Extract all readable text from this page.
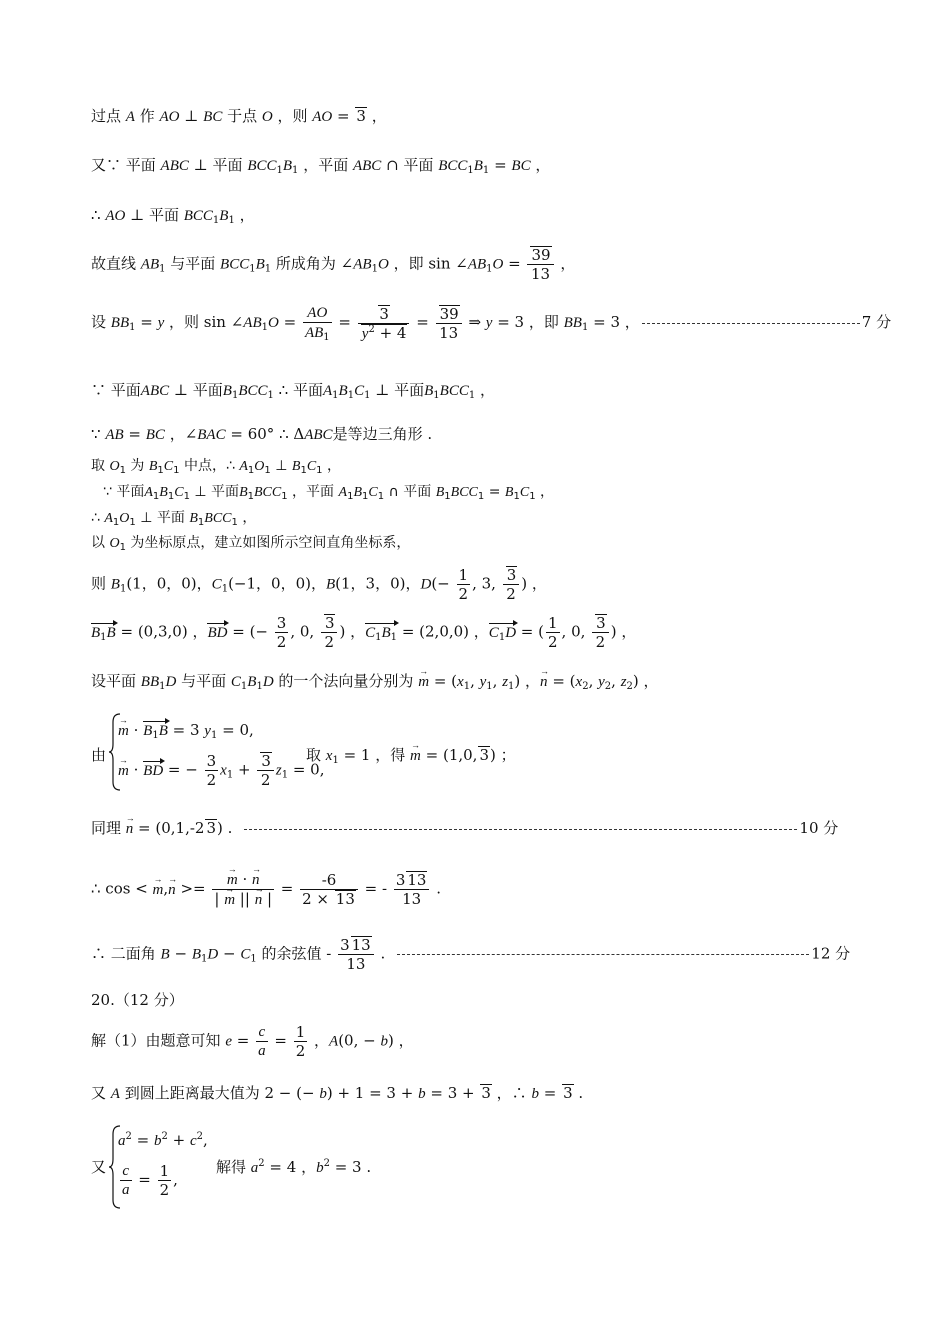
过点 A 作 AO ⊥ BC 于点 O ，则 AO = 3 ，
又∵ 平面 ABC ⊥ 平面 $BCC_1B_1$ ，平面 ABC ∩ 平面 $BCC_1B_1$ = BC ，
∴ AO ⊥ 平面 $BCC_1B_1$ ，
故直线 $AB_1$ 与平面 $BCC_1B_1$ 所成角为 $\angle AB_1O$ ，即 $\sin \angle AB_1O = \frac{39}{13}$ ，
设 $BB_1 = y$ ，则 $\sin \angle AB_1O = \frac{AO}{AB_1} = \frac{3}{y^2 + 4} = \frac{39}{13}$ ⇒ y = 3 ，即 $BB_1 = 3$ ，	7 分
∵ 平面ABC ⊥ 平面$B_1BCC_1$ ∴ 平面$A_1B_1C_1$ ⊥ 平面$B_1BCC_1$ ，
∵ AB = BC ，∠BAC = 60° ∴ ΔABC是等边三角形 .
取 $O_1$ 为 $B_1C_1$ 中点，∴ $A_1O_1$ ⊥ $B_1C_1$ ，
∵ 平面$A_1B_1C_1$ ⊥ 平面$B_1BCC_1$ ，平面 $A_1B_1C_1$ ∩ 平面 $B_1BCC_1 = B_1C_1$ ，
∴ $A_1O_1$ ⊥ 平面 $B_1BCC_1$ ，
以 $O_1$ 为坐标原点，建立如图所示空间直角坐标系，
则 $B_1(1$，0，0)，$C_1(-1$，0，0)，B(1，3，0)，$D(- \frac{1}{2}$ , 3, $\frac{3}{2}$ ) ，
$B_1B = (0,3,0)$ ，BD = (− $\frac{3}{2}$ , 0, $\frac{3}{2}$ ) ，$C_1B_1 = (2,0,0)$ ，$C_1D$ = ( $\frac{1}{2}$ , 0, $\frac{3}{2}$ ) ，
设平面 $BB_1D$ 与平面 $C_1B_1D$ 的一个法向量分别为 → $m = (x_1$, $y_1$, $z_1$) ，→ $n = (x_2$, $y_2$, $z_2$) ，
由
→ $m \cdot B_1B = 3$ $y_1 = 0$,
→ m · BD = − $\frac{3}{2} x_1 + \frac{3}{2} z_1 = 0$,
取 $x_1 = 1$ ，得 → m = (1,0, 3) ；
同理 → n = (0,1,-2 3) .	10 分
∴ cos < → m,→ n >=
→ $\frac{m \cdot \to n}{| \to m || \to n |} = \frac{-6}{2 \times 13}$ = - $\frac{3 13}{13}$ .
∴ 二面角 $B - B_1D - C_1$ 的余弦值 - $\frac{3 13}{13}$ .	12 分
20.（12 分）
解（1）由题意可知 $e = \frac{c}{a} = \frac{1}{2}$ ，A(0, − b) ，
又 A 到圆上距离最大值为 2 − (− b) + 1 = 3 + b = 3 + 3 ，∴ b = 3 .
又
$a^2 = b^2 + c^2$,
$\frac{c}{a} = \frac{1}{2}$ ,
解得 $a^2 = 4$ ，$b^2 = 3$ .
